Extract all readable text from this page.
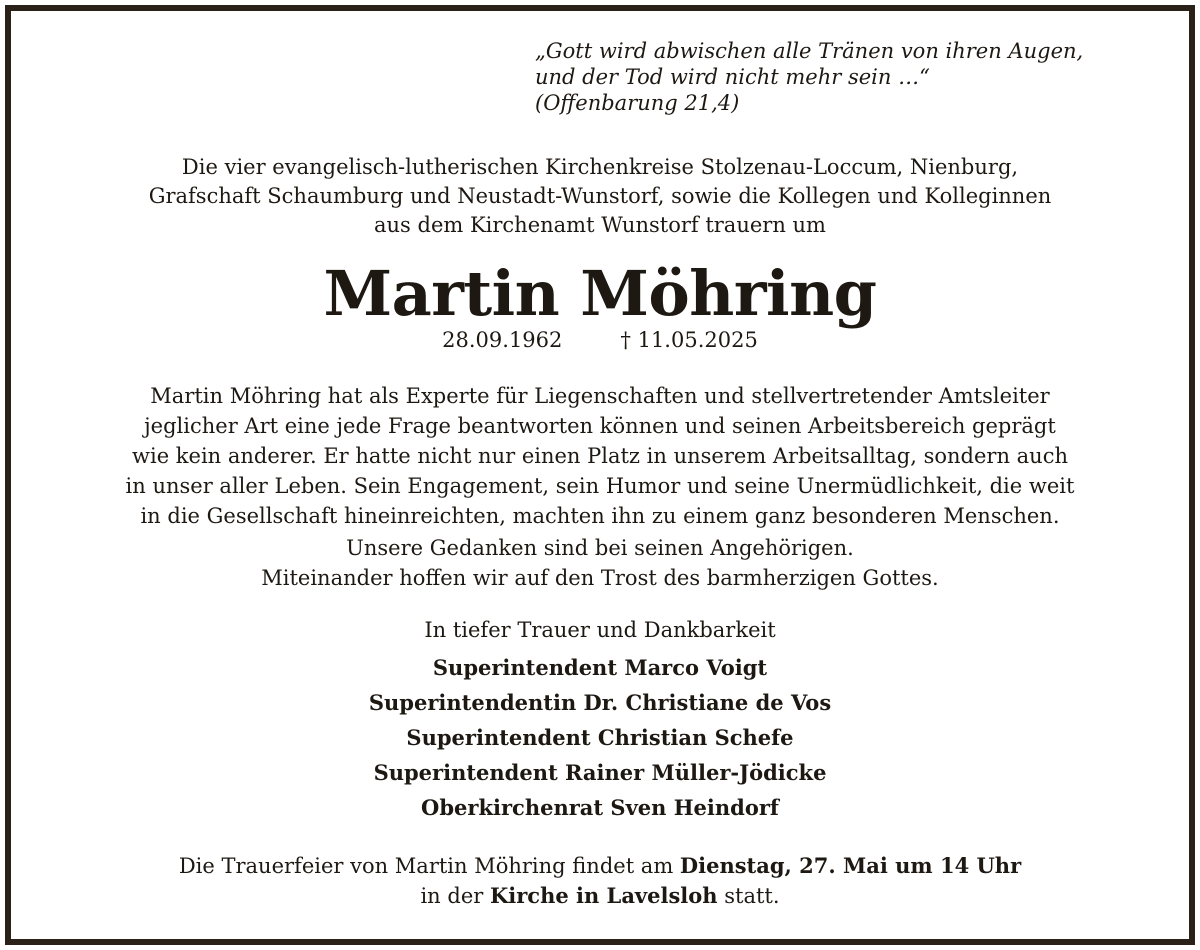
„Gott wird abwischen alle Tränen von ihren Augen,
und der Tod wird nicht mehr sein …“
(Offenbarung 21,4)
Die vier evangelisch-lutherischen Kirchenkreise Stolzenau-Loccum, Nienburg,
Grafschaft Schaumburg und Neustadt-Wunstorf, sowie die Kollegen und Kolleginnen
aus dem Kirchenamt Wunstorf trauern um
Martin Möhring
28.09.1962	† 11.05.2025
Martin Möhring hat als Experte für Liegenschaften und stellvertretender Amtsleiter
jeglicher Art eine jede Frage beantworten können und seinen Arbeitsbereich geprägt
wie kein anderer. Er hatte nicht nur einen Platz in unserem Arbeitsalltag, sondern auch
in unser aller Leben. Sein Engagement, sein Humor und seine Unermüdlichkeit, die weit
in die Gesellschaft hineinreichten, machten ihn zu einem ganz besonderen Menschen.
Unsere Gedanken sind bei seinen Angehörigen.
Miteinander hoffen wir auf den Trost des barmherzigen Gottes.
In tiefer Trauer und Dankbarkeit
Superintendent Marco Voigt
Superintendentin Dr. Christiane de Vos
Superintendent Christian Schefe
Superintendent Rainer Müller-Jödicke
Oberkirchenrat Sven Heindorf
Die Trauerfeier von Martin Möhring findet am Dienstag, 27. Mai um 14 Uhr
in der Kirche in Lavelsloh statt.
